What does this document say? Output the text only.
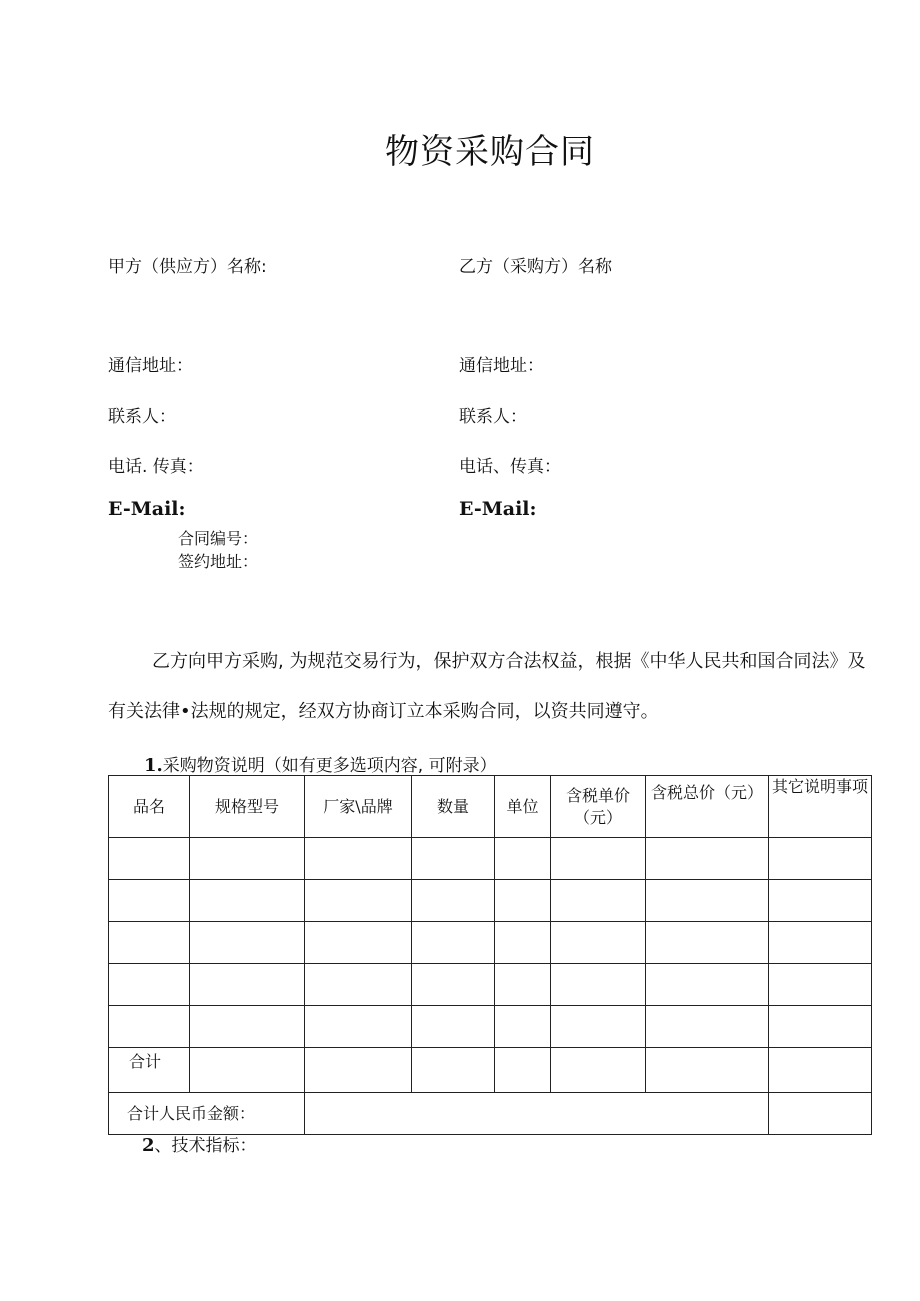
物资采购合同
甲方（供应方）名称:	乙方（采购方）名称
通信地址：	通信地址：
联系人：	联系人：
电话. 传真：	电话、传真：
E-Mail:	E-Mail:
合同编号：
签约地址：
乙方向甲方采购, 为规范交易行为，保护双方合法权益，根据《中华人民共和国合同法》及有关法律•法规的规定，经双方协商订立本采购合同，以资共同遵守。
1.采购物资说明（如有更多选项内容, 可附录）
品名	规格型号	厂家\品牌	数量	单位	含税单价（元）	含税总价（元）	其它说明事项

合计							
合计人民币金额：							
2、技术指标：
